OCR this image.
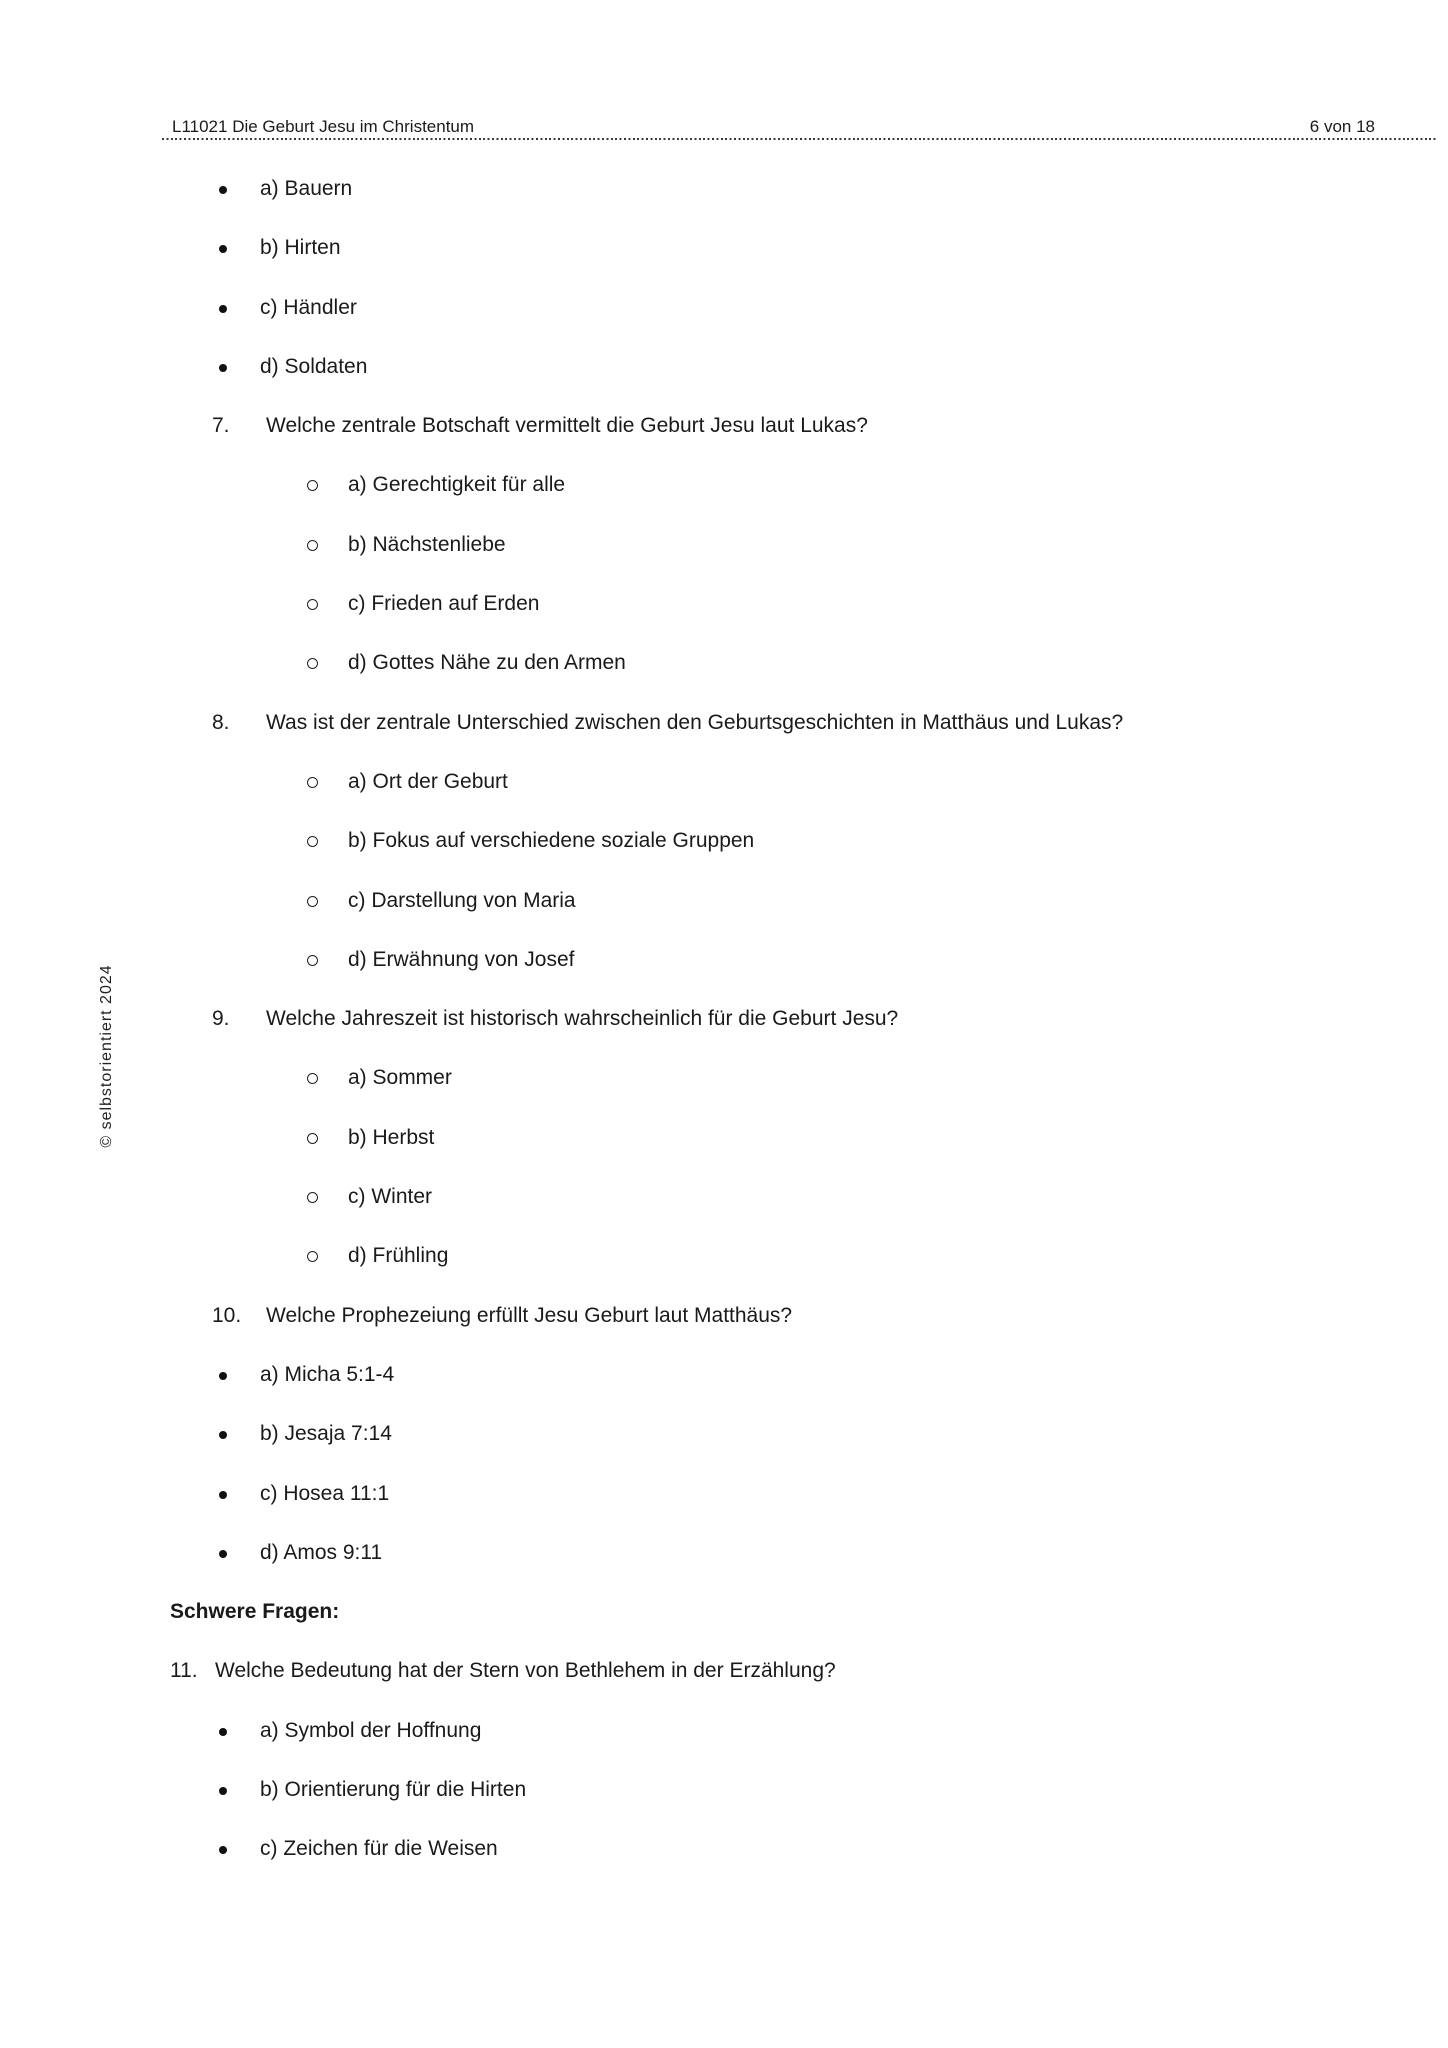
L11021 Die Geburt Jesu im Christentum	6 von 18
© selbstorientiert 2024
a) Bauern
b) Hirten
c) Händler
d) Soldaten
7. Welche zentrale Botschaft vermittelt die Geburt Jesu laut Lukas?
a) Gerechtigkeit für alle
b) Nächstenliebe
c) Frieden auf Erden
d) Gottes Nähe zu den Armen
8. Was ist der zentrale Unterschied zwischen den Geburtsgeschichten in Matthäus und Lukas?
a) Ort der Geburt
b) Fokus auf verschiedene soziale Gruppen
c) Darstellung von Maria
d) Erwähnung von Josef
9. Welche Jahreszeit ist historisch wahrscheinlich für die Geburt Jesu?
a) Sommer
b) Herbst
c) Winter
d) Frühling
10. Welche Prophezeiung erfüllt Jesu Geburt laut Matthäus?
a) Micha 5:1-4
b) Jesaja 7:14
c) Hosea 11:1
d) Amos 9:11
Schwere Fragen:
11. Welche Bedeutung hat der Stern von Bethlehem in der Erzählung?
a) Symbol der Hoffnung
b) Orientierung für die Hirten
c) Zeichen für die Weisen
